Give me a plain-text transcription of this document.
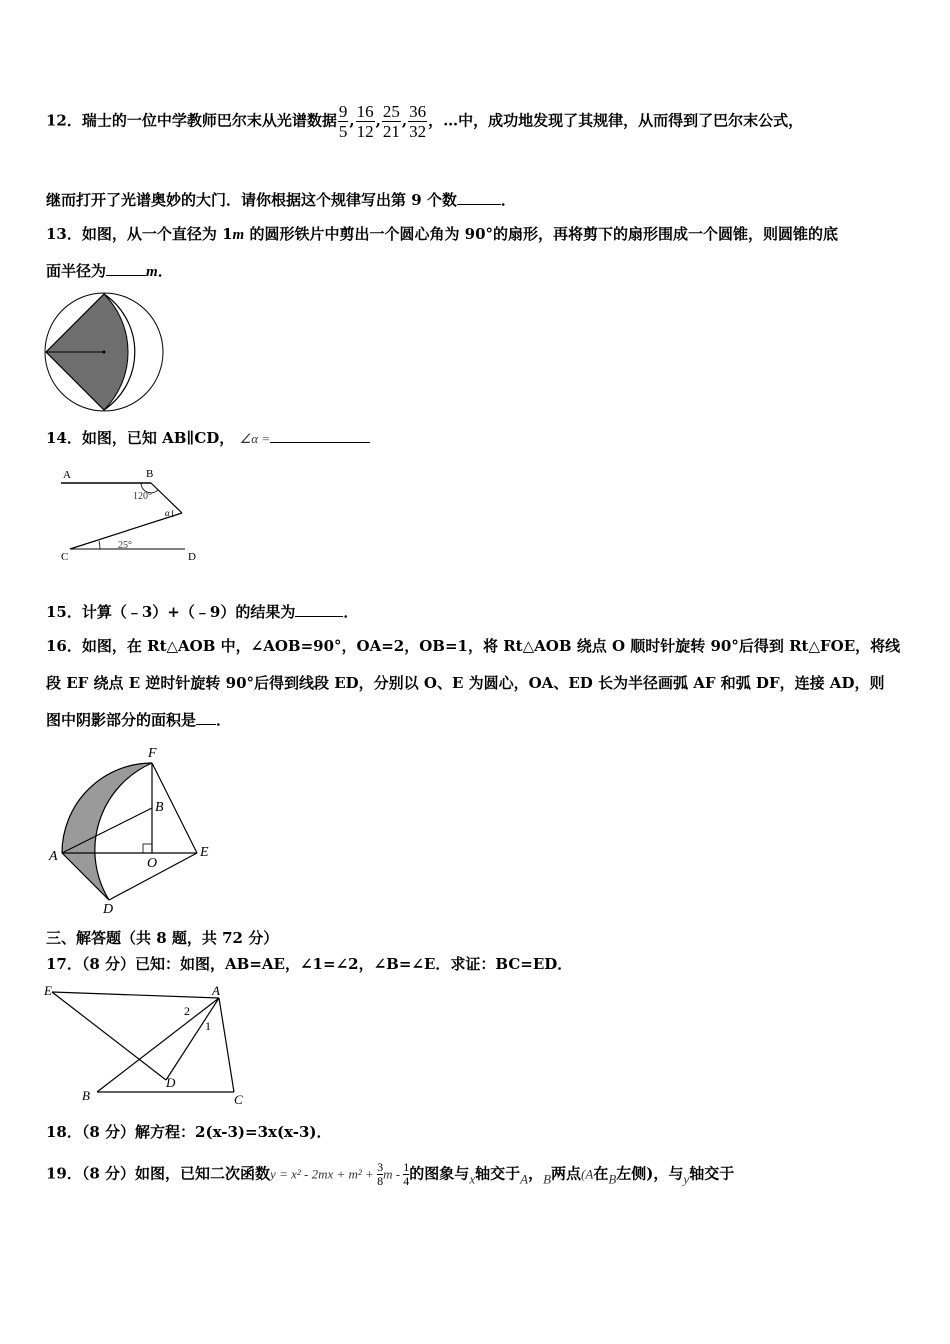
12．瑞士的一位中学教师巴尔末从光谱数据 $\frac{9}{5}$ , $\frac{16}{12}$ , $\frac{25}{21}$ , $\frac{36}{32}$ ，…中，成功地发现了其规律，从而得到了巴尔末公式，
继而打开了光谱奥妙的大门．请你根据这个规律写出第 9 个数	．
13．如图，从一个直径为 1m 的圆形铁片中剪出一个圆心角为 90°的扇形，再将剪下的扇形围成一个圆锥，则圆锥的底
面半径为	m．
14．如图，已知 AB∥CD， ∠α =
A	B
C	D
120°
25°
α
15．计算（﹣3）+（﹣9）的结果为	．
16．如图，在 Rt△AOB 中，∠AOB=90°，OA=2，OB=1，将 Rt△AOB 绕点 O 顺时针旋转 90°后得到 Rt△FOE，将线
段 EF 绕点 E 逆时针旋转 90°后得到线段 ED，分别以 O、E 为圆心，OA、ED 长为半径画弧 AF 和弧 DF，连接 AD，则
图中阴影部分的面积是 ．
F
B
A	O
E
D
三、解答题（共 8 题，共 72 分）
17．（8 分）已知：如图，AB=AE，∠1=∠2，∠B=∠E．求证：BC=ED．
E	A
B	C
D
2
1
18．（8 分）解方程：2(x-3)=3x(x-3)．
19．（8 分）如图，已知二次函数$y = x^2 - 2mx + m^2 + \frac{3}{8}$ m - $\frac{1}{4}$ 的图象与x轴交于A，B两点(A在B左侧)，与y轴交于
